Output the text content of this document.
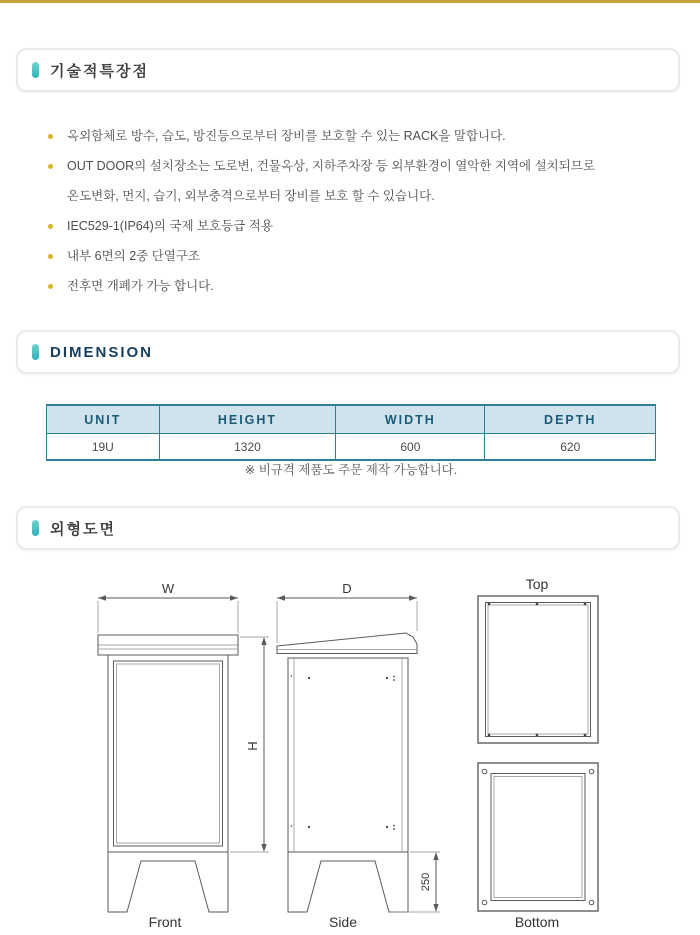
기술적특장점
옥외함체로 방수, 습도, 방진등으로부터 장비를 보호할 수 있는 RACK을 말합니다.
OUT DOOR의 설치장소는 도로변, 건물옥상, 지하주차장 등 외부환경이 열악한 지역에 설치되므로
온도변화, 먼지, 습기, 외부충격으로부터 장비를 보호 할 수 있습니다.
IEC529-1(IP64)의 국제 보호등급 적용
내부 6면의 2중 단열구조
전후면 개폐가 가능 합니다.
DIMENSION
UNIT	HEIGHT	WIDTH	DEPTH
19U	1320	600	620
※ 비규격 제품도 주문 제작 가능합니다.
외형도면
W
Front
H
D
250
Side
Top
Bottom
